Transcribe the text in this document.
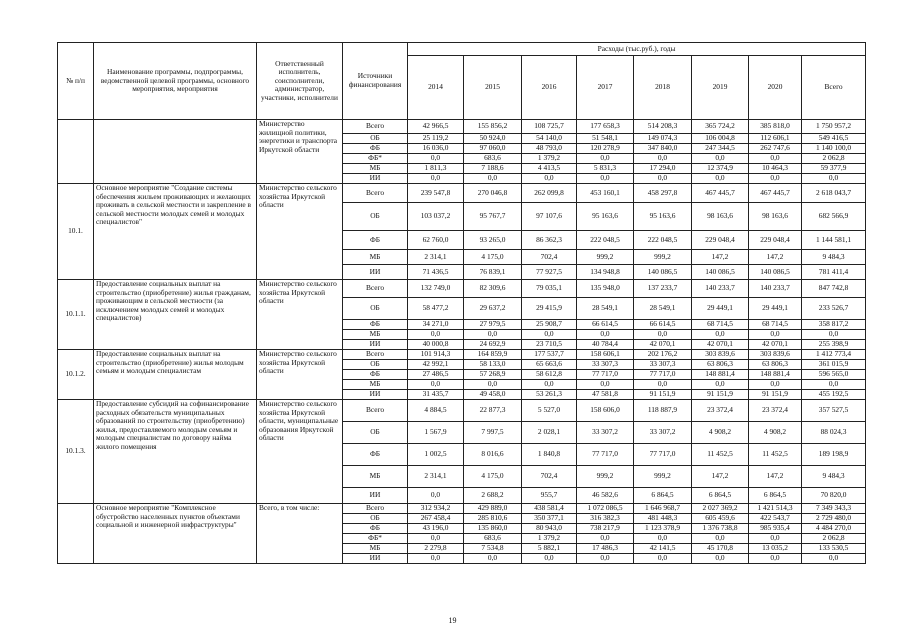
№ п/п	Наименование программы, подпрограммы, ведомственной целевой программы, основного мероприятия, мероприятия	Ответственный исполнитель, соисполнители, администратор, участники, исполнители	Источники финансирования	Расходы (тыс.руб.), годы							
				2014	2015	2016	2017	2018	2019	2020	Всего
		Министерство жилищной политики, энергетики и транспорта Иркутской области	Всего	42 966,5	155 856,2	108 725,7	177 658,3	514 208,3	365 724,2	385 818,0	1 750 957,2
			ОБ	25 119,2	50 924,0	54 140,0	51 548,1	149 074,3	106 004,8	112 606,1	549 416,5
			ФБ	16 036,0	97 060,0	48 793,0	120 278,9	347 840,0	247 344,5	262 747,6	1 140 100,0
			ФБ*	0,0	683,6	1 379,2	0,0	0,0	0,0	0,0	2 062,8
			МБ	1 811,3	7 188,6	4 413,5	5 831,3	17 294,0	12 374,9	10 464,3	59 377,9
			ИИ	0,0	0,0	0,0	0,0	0,0	0,0	0,0	0,0
10.1.	Основное мероприятие "Создание системы обеспечения жильем проживающих и желающих проживать в сельской местности и закрепление в сельской местности молодых семей и молодых специалистов"	Министерство сельского хозяйства Иркутской области	Всего	239 547,8	270 046,8	262 099,8	453 160,1	458 297,8	467 445,7	467 445,7	2 618 043,7
			ОБ	103 037,2	95 767,7	97 107,6	95 163,6	95 163,6	98 163,6	98 163,6	682 566,9
			ФБ	62 760,0	93 265,0	86 362,3	222 048,5	222 048,5	229 048,4	229 048,4	1 144 581,1
			МБ	2 314,1	4 175,0	702,4	999,2	999,2	147,2	147,2	9 484,3
			ИИ	71 436,5	76 839,1	77 927,5	134 948,8	140 086,5	140 086,5	140 086,5	781 411,4
10.1.1.	Предоставление социальных выплат на строительство (приобретение) жилья гражданам, проживающим в сельской местности (за исключением молодых семей и молодых специалистов)	Министерство сельского хозяйства Иркутской области	Всего	132 749,0	82 309,6	79 035,1	135 948,0	137 233,7	140 233,7	140 233,7	847 742,8
			ОБ	58 477,2	29 637,2	29 415,9	28 549,1	28 549,1	29 449,1	29 449,1	233 526,7
			ФБ	34 271,0	27 979,5	25 908,7	66 614,5	66 614,5	68 714,5	68 714,5	358 817,2
			МБ	0,0	0,0	0,0	0,0	0,0	0,0	0,0	0,0
			ИИ	40 000,8	24 692,9	23 710,5	40 784,4	42 070,1	42 070,1	42 070,1	255 398,9
10.1.2.	Предоставление социальных выплат на строительство (приобретение) жилья молодым семьям и молодым специалистам	Министерство сельского хозяйства Иркутской области	Всего	101 914,3	164 859,9	177 537,7	158 606,1	202 176,2	303 839,6	303 839,6	1 412 773,4
			ОБ	42 992,1	58 133,0	65 663,6	33 307,3	33 307,3	63 806,3	63 806,3	361 015,9
			ФБ	27 486,5	57 268,9	58 612,8	77 717,0	77 717,0	148 881,4	148 881,4	596 565,0
			МБ	0,0	0,0	0,0	0,0	0,0	0,0	0,0	0,0
			ИИ	31 435,7	49 458,0	53 261,3	47 581,8	91 151,9	91 151,9	91 151,9	455 192,5
10.1.3.	Предоставление субсидий на софинансирование расходных обязательств муниципальных образований по строительству (приобретению) жилья, предоставляемого молодым семьям и молодым специалистам по договору найма жилого помещения	Министерство сельского хозяйства Иркутской области, муниципальные образования Иркутской области	Всего	4 884,5	22 877,3	5 527,0	158 606,0	118 887,9	23 372,4	23 372,4	357 527,5
			ОБ	1 567,9	7 997,5	2 028,1	33 307,2	33 307,2	4 908,2	4 908,2	88 024,3
			ФБ	1 002,5	8 016,6	1 840,8	77 717,0	77 717,0	11 452,5	11 452,5	189 198,9
			МБ	2 314,1	4 175,0	702,4	999,2	999,2	147,2	147,2	9 484,3
			ИИ	0,0	2 688,2	955,7	46 582,6	6 864,5	6 864,5	6 864,5	70 820,0
	Основное мероприятие "Комплексное обустройство населенных пунктов объектами социальной и инженерной инфраструктуры"	Всего, в том числе:	Всего	312 934,2	429 889,0	438 581,4	1 072 086,5	1 646 968,7	2 027 369,2	1 421 514,3	7 349 343,3
			ОБ	267 458,4	285 810,6	350 377,1	316 382,3	481 448,3	605 459,6	422 543,7	2 729 480,0
			ФБ	43 196,0	135 860,0	80 943,0	738 217,9	1 123 378,9	1 376 738,8	985 935,4	4 484 270,0
			ФБ*	0,0	683,6	1 379,2	0,0	0,0	0,0	0,0	2 062,8
			МБ	2 279,8	7 534,8	5 882,1	17 486,3	42 141,5	45 170,8	13 035,2	133 530,5
			ИИ	0,0	0,0	0,0	0,0	0,0	0,0	0,0	0,0
19
